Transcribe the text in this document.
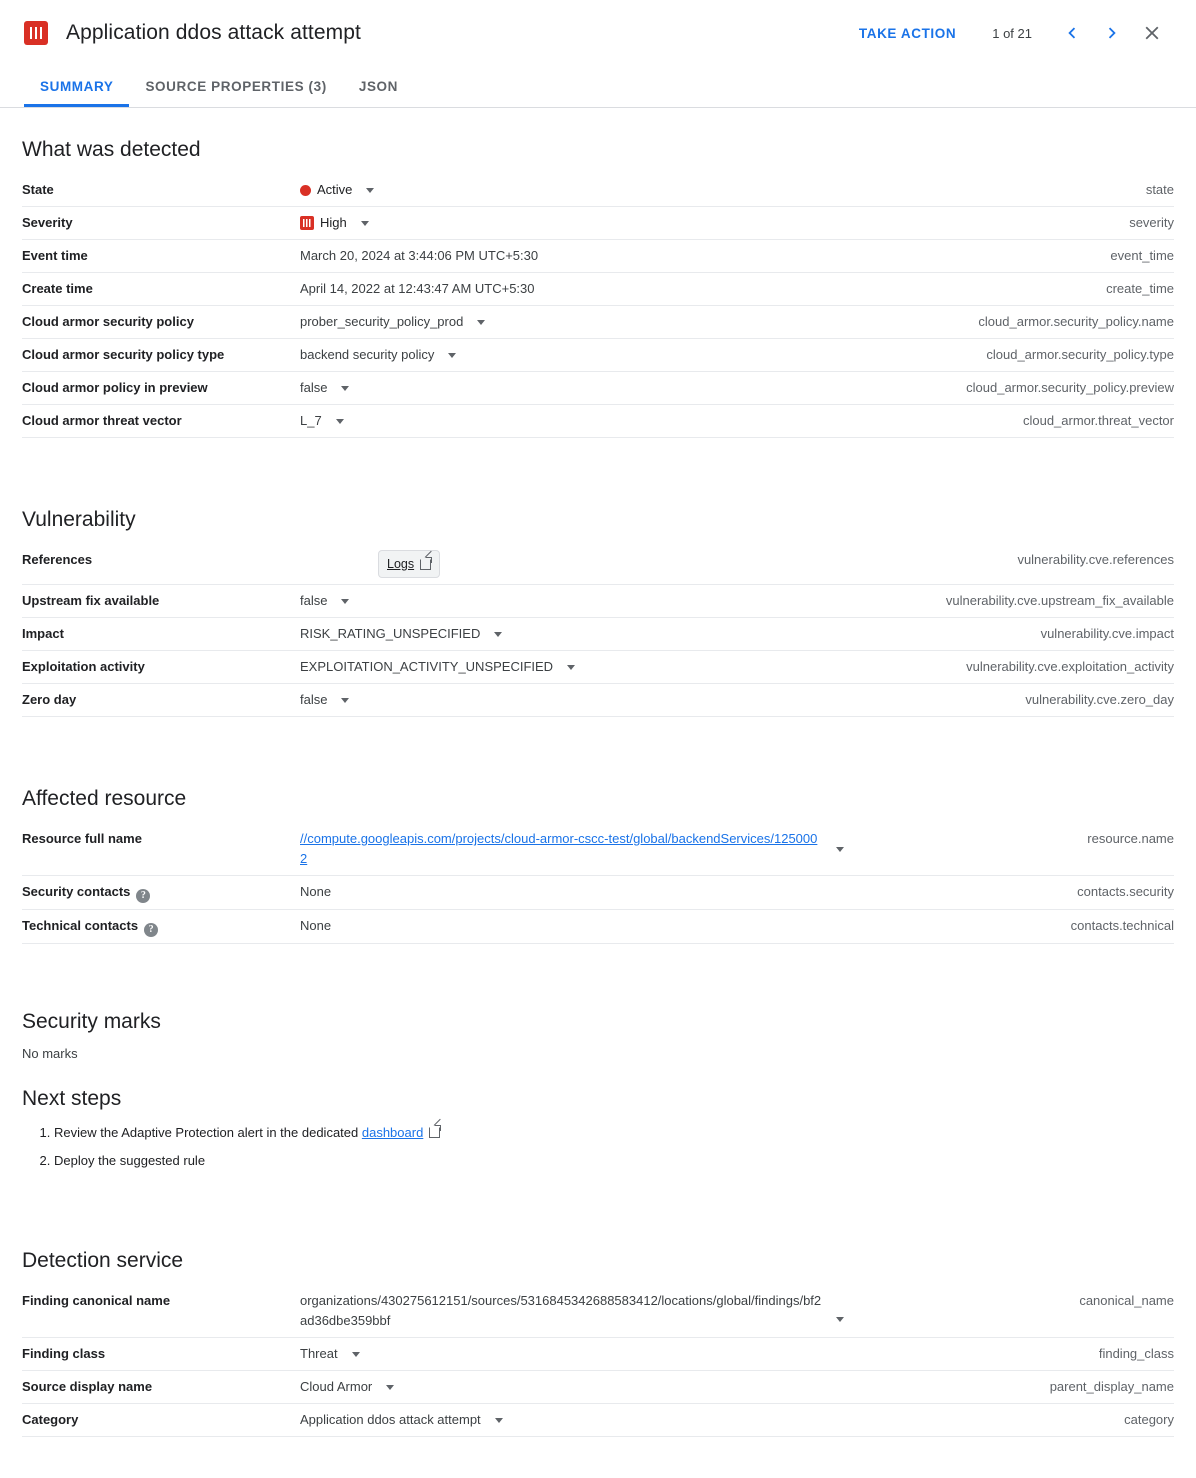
Application ddos attack attempt	TAKE ACTION	1 of 21
SUMMARY	SOURCE PROPERTIES (3)	JSON
What was detected
State	Active	state
Severity	High	severity
Event time	March 20, 2024 at 3:44:06 PM UTC+5:30	event_time
Create time	April 14, 2022 at 12:43:47 AM UTC+5:30	create_time
Cloud armor security policy	prober_security_policy_prod	cloud_armor.security_policy.name
Cloud armor security policy type	backend security policy	cloud_armor.security_policy.type
Cloud armor policy in preview	false	cloud_armor.security_policy.preview
Cloud armor threat vector	L_7	cloud_armor.threat_vector
Vulnerability
References	Logs	vulnerability.cve.references
Upstream fix available	false	vulnerability.cve.upstream_fix_available
Impact	RISK_RATING_UNSPECIFIED	vulnerability.cve.impact
Exploitation activity	EXPLOITATION_ACTIVITY_UNSPECIFIED	vulnerability.cve.exploitation_activity
Zero day	false	vulnerability.cve.zero_day
Affected resource
Resource full name	//compute.googleapis.com/projects/cloud-armor-cscc-test/global/backendServices/1250002	resource.name
Security contacts ?	None	contacts.security
Technical contacts ?	None	contacts.technical
Security marks

No marks

Next steps
1. Review the Adaptive Protection alert in the dedicated dashboard
2. Deploy the suggested rule
Detection service
Finding canonical name	organizations/430275612151/sources/5316845342688583412/locations/global/findings/bf2ad36dbe359bbf	canonical_name
Finding class	Threat	finding_class
Source display name	Cloud Armor	parent_display_name
Category	Application ddos attack attempt	category
